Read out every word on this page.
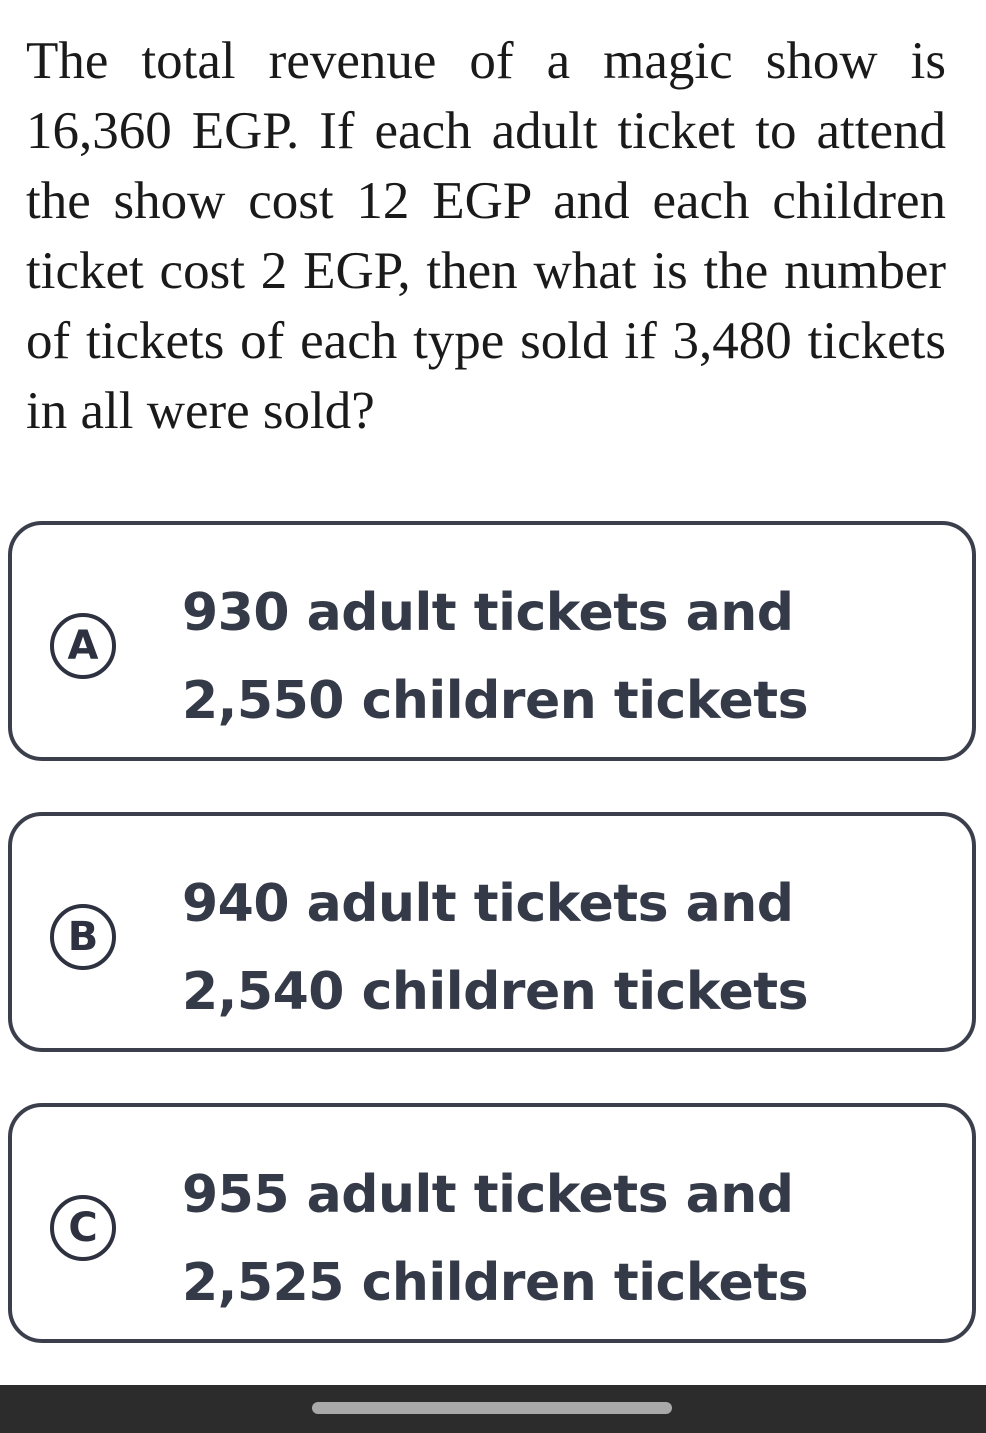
The total revenue of a magic show is 16,360 EGP. If each adult ticket to attend the show cost 12 EGP and each children ticket cost 2 EGP, then what is the number of tickets of each type sold if 3,480 tickets in all were sold?

A
930 adult tickets and
2,550 children tickets
B
940 adult tickets and
2,540 children tickets
C
955 adult tickets and
2,525 children tickets
